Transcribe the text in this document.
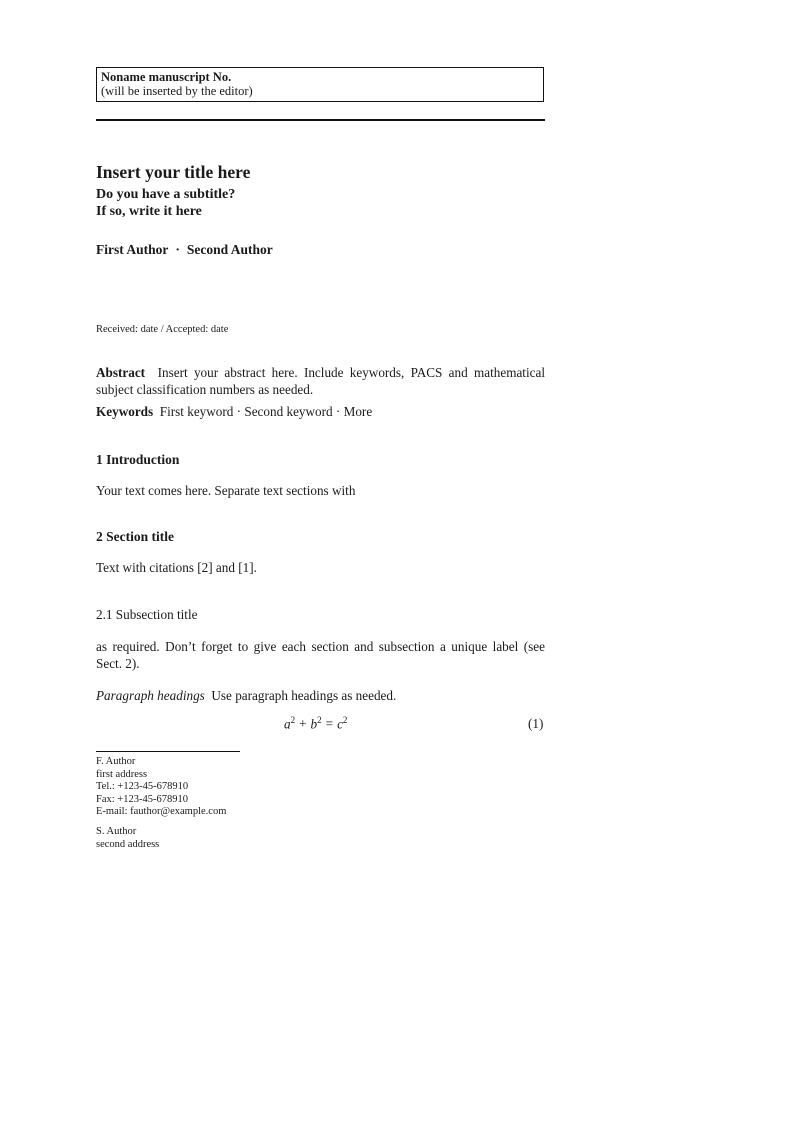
Noname manuscript No.
(will be inserted by the editor)
Insert your title here
Do you have a subtitle?
If so, write it here
First Author · Second Author
Received: date / Accepted: date
Abstract Insert your abstract here. Include keywords, PACS and mathematical subject classification numbers as needed.
Keywords First keyword · Second keyword · More
1 Introduction
Your text comes here. Separate text sections with
2 Section title
Text with citations [2] and [1].
2.1 Subsection title
as required. Don’t forget to give each section and subsection a unique label (see Sect. 2).
Paragraph headings Use paragraph headings as needed.
$a^2 + b^2 = c^2$	(1)
F. Author
first address
Tel.: +123-45-678910
Fax: +123-45-678910
E-mail: fauthor@example.com
S. Author
second address
